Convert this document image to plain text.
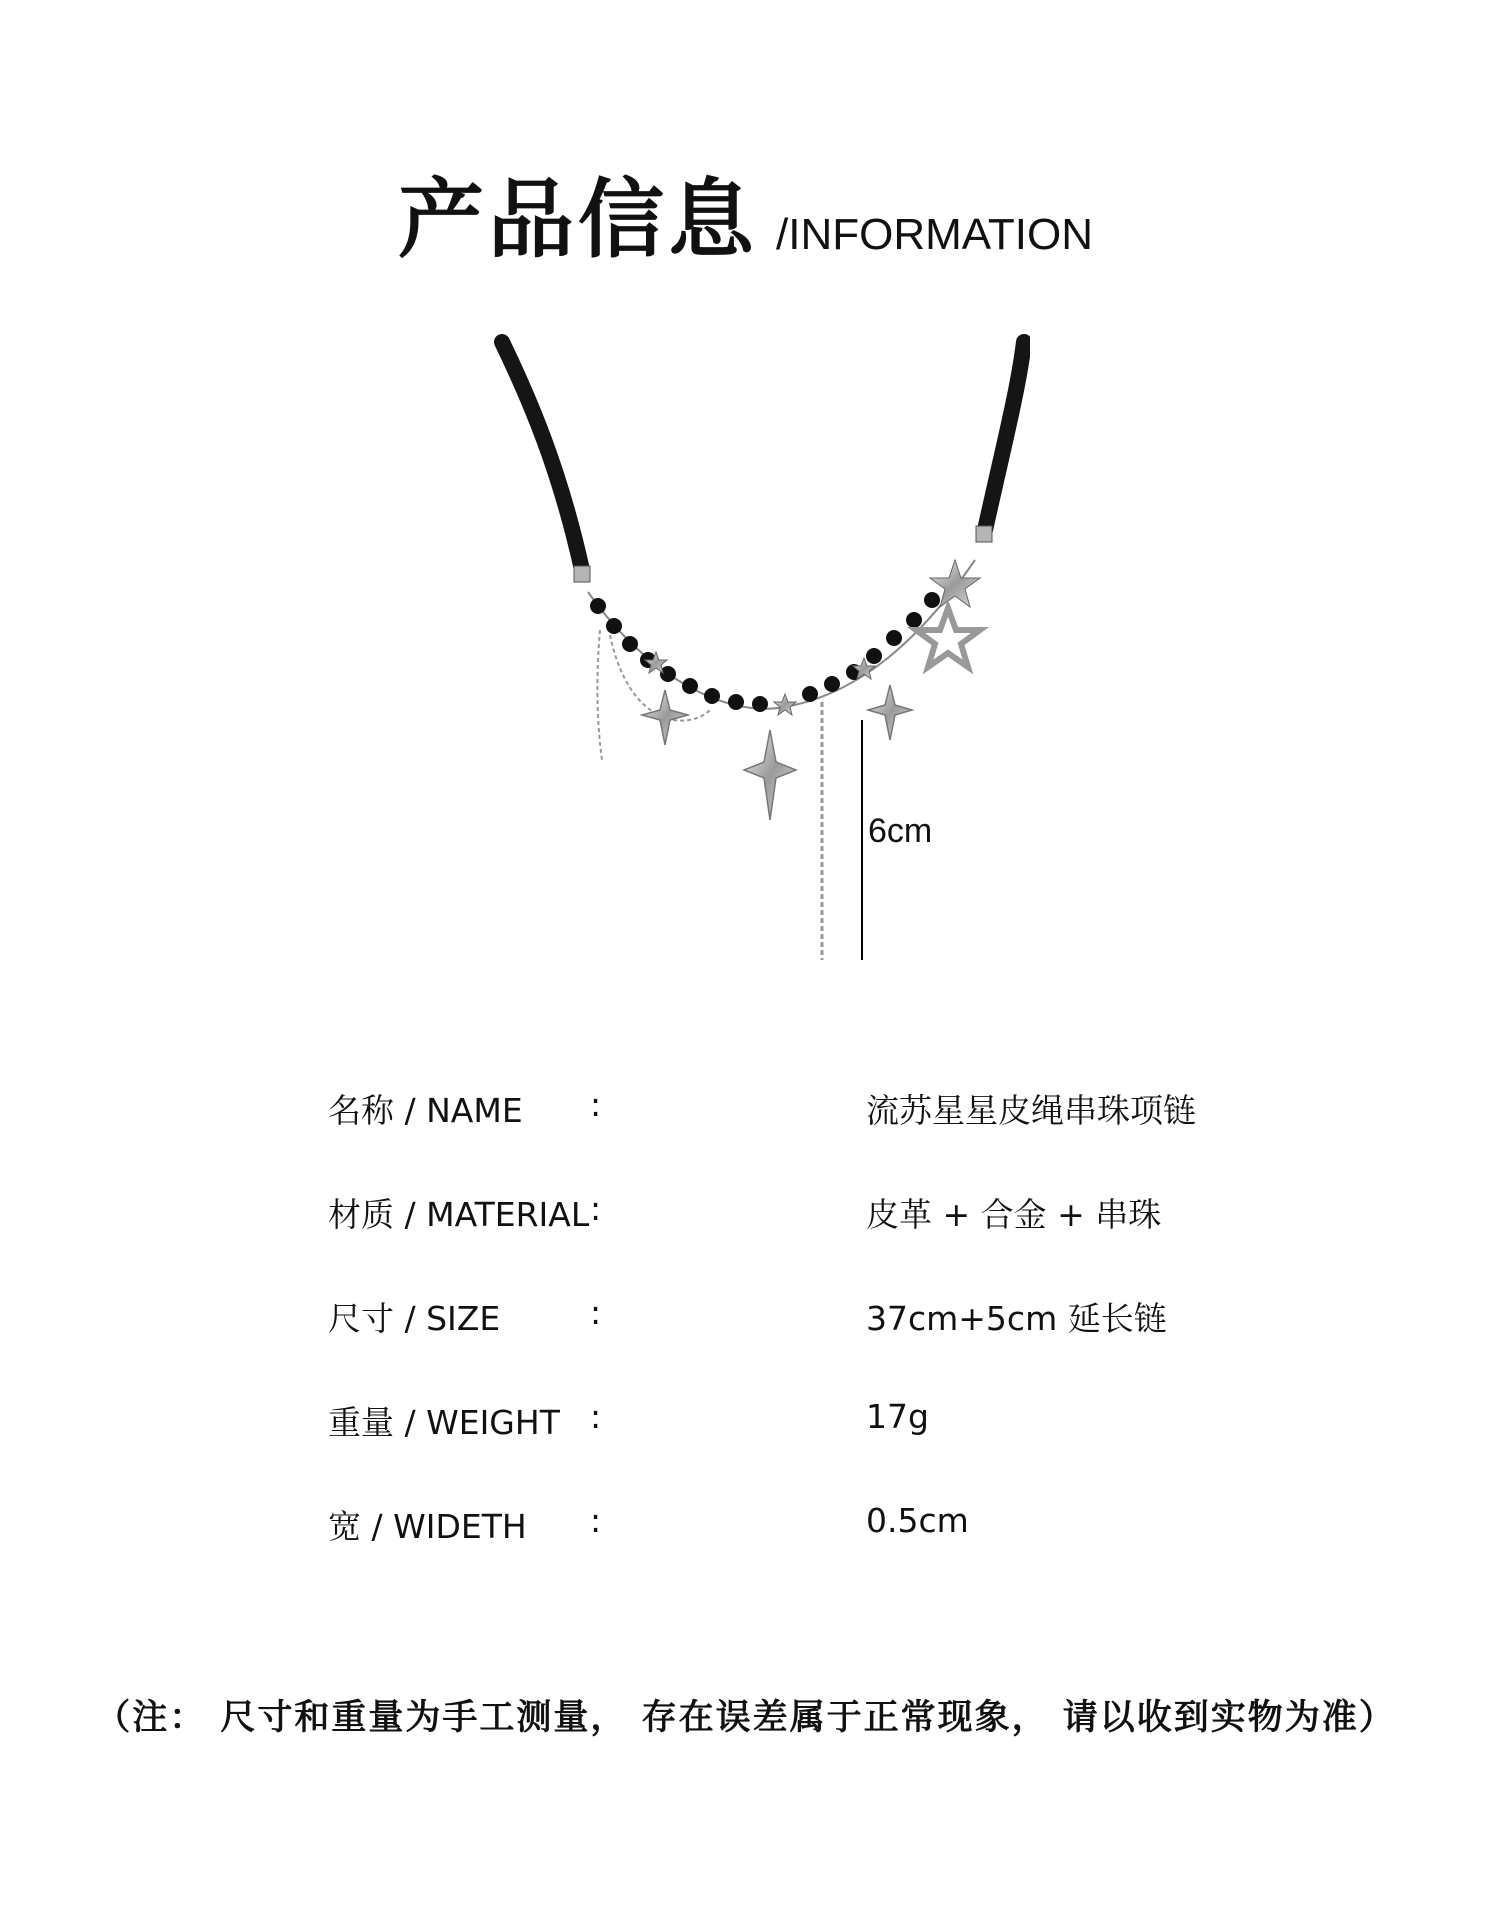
产品信息 /INFORMATION
6cm
名称 / NAME :	流苏星星皮绳串珠项链
材质 / MATERIAL :	皮革 + 合金 + 串珠
尺寸 / SIZE	:	37cm+5cm 延长链
重量 / WEIGHT :	17g
宽 / WIDETH :	0.5cm
（注： 尺寸和重量为手工测量， 存在误差属于正常现象， 请以收到实物为准）
